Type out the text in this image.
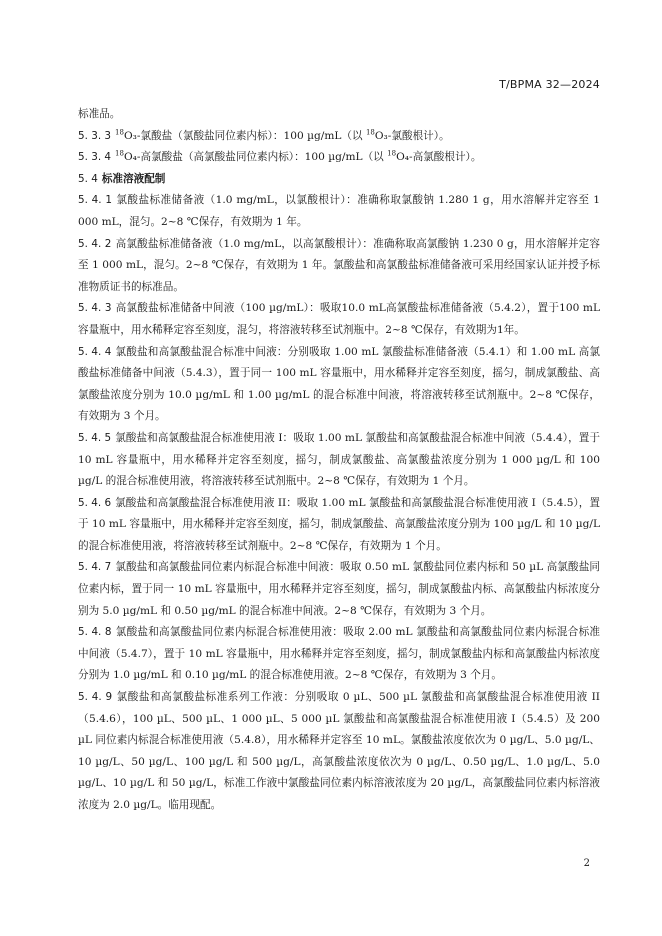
T/BPMA 32—2024

标准品。

5. 3. 3 $^{18}$O₃-氯酸盐（氯酸盐同位素内标）：100 µg/mL（以 $^{18}$O₃-氯酸根计）。

5. 3. 4 $^{18}$O₄-高氯酸盐（高氯酸盐同位素内标）：100 µg/mL（以 $^{18}$O₄-高氯酸根计）。

5. 4 标准溶液配制

5. 4. 1 氯酸盐标准储备液（1.0 mg/mL，以氯酸根计）：准确称取氯酸钠 1.280 1 g，用水溶解并定容至 1 000 mL，混匀。2~8 ℃保存，有效期为 1 年。

5. 4. 2 高氯酸盐标准储备液（1.0 mg/mL，以高氯酸根计）：准确称取高氯酸钠 1.230 0 g，用水溶解并定容至 1 000 mL，混匀。2~8 ℃保存，有效期为 1 年。氯酸盐和高氯酸盐标准储备液可采用经国家认证并授予标准物质证书的标准品。

5. 4. 3 高氯酸盐标准储备中间液（100 µg/mL）：吸取10.0 mL高氯酸盐标准储备液（5.4.2），置于100 mL容量瓶中，用水稀释定容至刻度，混匀，将溶液转移至试剂瓶中。2~8 ℃保存，有效期为1年。

5. 4. 4 氯酸盐和高氯酸盐混合标准中间液：分别吸取 1.00 mL 氯酸盐标准储备液（5.4.1）和 1.00 mL 高氯酸盐标准储备中间液（5.4.3），置于同一 100 mL 容量瓶中，用水稀释并定容至刻度，摇匀，制成氯酸盐、高氯酸盐浓度分别为 10.0 µg/mL 和 1.00 µg/mL 的混合标准中间液，将溶液转移至试剂瓶中。2~8 ℃保存，有效期为 3 个月。

5. 4. 5 氯酸盐和高氯酸盐混合标准使用液 I：吸取 1.00 mL 氯酸盐和高氯酸盐混合标准中间液（5.4.4），置于 10 mL 容量瓶中，用水稀释并定容至刻度，摇匀，制成氯酸盐、高氯酸盐浓度分别为 1 000 µg/L 和 100 µg/L 的混合标准使用液，将溶液转移至试剂瓶中。2~8 ℃保存，有效期为 1 个月。

5. 4. 6 氯酸盐和高氯酸盐混合标准使用液 II：吸取 1.00 mL 氯酸盐和高氯酸盐混合标准使用液 I（5.4.5），置于 10 mL 容量瓶中，用水稀释并定容至刻度，摇匀，制成氯酸盐、高氯酸盐浓度分别为 100 µg/L 和 10 µg/L 的混合标准使用液，将溶液转移至试剂瓶中。2~8 ℃保存，有效期为 1 个月。

5. 4. 7 氯酸盐和高氯酸盐同位素内标混合标准中间液：吸取 0.50 mL 氯酸盐同位素内标和 50 µL 高氯酸盐同位素内标，置于同一 10 mL 容量瓶中，用水稀释并定容至刻度，摇匀，制成氯酸盐内标、高氯酸盐内标浓度分别为 5.0 µg/mL 和 0.50 µg/mL 的混合标准中间液。2~8 ℃保存，有效期为 3 个月。

5. 4. 8 氯酸盐和高氯酸盐同位素内标混合标准使用液：吸取 2.00 mL 氯酸盐和高氯酸盐同位素内标混合标准中间液（5.4.7），置于 10 mL 容量瓶中，用水稀释并定容至刻度，摇匀，制成氯酸盐内标和高氯酸盐内标浓度分别为 1.0 µg/mL 和 0.10 µg/mL 的混合标准使用液。2~8 ℃保存，有效期为 3 个月。

5. 4. 9 氯酸盐和高氯酸盐标准系列工作液：分别吸取 0 µL、500 µL 氯酸盐和高氯酸盐混合标准使用液 II（5.4.6），100 µL、500 µL、1 000 µL、5 000 µL 氯酸盐和高氯酸盐混合标准使用液 I（5.4.5）及 200 µL 同位素内标混合标准使用液（5.4.8），用水稀释并定容至 10 mL。氯酸盐浓度依次为 0 µg/L、5.0 µg/L、10 µg/L、50 µg/L、100 µg/L 和 500 µg/L，高氯酸盐浓度依次为 0 µg/L、0.50 µg/L、1.0 µg/L、5.0 µg/L、10 µg/L 和 50 µg/L，标准工作液中氯酸盐同位素内标溶液浓度为 20 µg/L，高氯酸盐同位素内标溶液浓度为 2.0 µg/L。临用现配。

2
